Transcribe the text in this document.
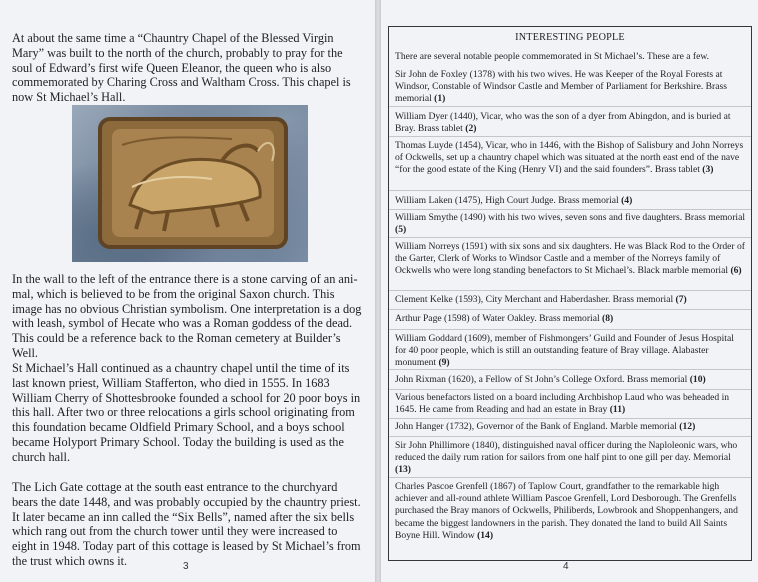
At about the same time a “Chauntry Chapel of the Blessed Virgin Mary” was built to the north of the church, probably to pray for the soul of Edward’s first wife Queen Eleanor, the queen who is also commemorated by Charing Cross and Waltham Cross. This chapel is now St Michael’s Hall.

In the wall to the left of the entrance there is a stone carving of an ani-mal, which is believed to be from the original Saxon church. This image has no obvious Christian symbolism. One interpretation is a dog with leash, symbol of Hecate who was a Roman goddess of the dead. This could be a reference back to the Roman cemetery at Builder’s Well.

St Michael’s Hall continued as a chauntry chapel until the time of its last known priest, William Stafferton, who died in 1555. In 1683 William Cherry of Shottesbrooke founded a school for 20 poor boys in this hall. After two or three relocations a girls school originating from this foundation became Oldfield Primary School, and a boys school became Holyport Primary School. Today the building is used as the church hall.

The Lich Gate cottage at the south east entrance to the churchyard bears the date 1448, and was probably occupied by the chauntry priest. It later became an inn called the “Six Bells”, named after the six bells which rang out from the church tower until they were increased to eight in 1948. Today part of this cottage is leased by St Michael’s from the trust which owns it.	3

INTERESTING PEOPLE

There are several notable people commemorated in St Michael’s. These are a few.

Sir John de Foxley (1378) with his two wives. He was Keeper of the Royal Forests at Windsor, Constable of Windsor Castle and Member of Parliament for Berkshire. Brass memorial (1)

William Dyer (1440), Vicar, who was the son of a dyer from Abingdon, and is buried at Bray. Brass tablet (2)

Thomas Luyde (1454), Vicar, who in 1446, with the Bishop of Salisbury and John Norreys of Ockwells, set up a chauntry chapel which was situated at the north east end of the nave “for the good estate of the King (Henry VI) and the said founders”. Brass tablet (3)

William Laken (1475), High Court Judge. Brass memorial (4)

William Smythe (1490) with his two wives, seven sons and five daughters. Brass memorial (5)

William Norreys (1591) with six sons and six daughters. He was Black Rod to the Order of the Garter, Clerk of Works to Windsor Castle and a member of the Norreys family of Ockwells who were long standing benefactors to St Michael’s. Black marble memorial (6)

Clement Kelke (1593), City Merchant and Haberdasher. Brass memorial (7)

Arthur Page (1598) of Water Oakley. Brass memorial (8)

William Goddard (1609), member of Fishmongers’ Guild and Founder of Jesus Hospital for 40 poor people, which is still an outstanding feature of Bray village. Alabaster monument (9)

John Rixman (1620), a Fellow of St John’s College Oxford. Brass memorial (10)

Various benefactors listed on a board including Archbishop Laud who was beheaded in 1645. He came from Reading and had an estate in Bray (11)

John Hanger (1732), Governor of the Bank of England. Marble memorial (12)

Sir John Phillimore (1840), distinguished naval officer during the Naploleonic wars, who reduced the daily rum ration for sailors from one half pint to one gill per day. Memorial (13)

Charles Pascoe Grenfell (1867) of Taplow Court, grandfather to the remarkable high achiever and all-round athlete William Pascoe Grenfell, Lord Desborough. The Grenfells purchased the Bray manors of Ockwells, Philiberds, Lowbrook and Shoppenhangers, and became the biggest landowners in the parish. They donated the land to build All Saints Boyne Hill. Window (14)

4
